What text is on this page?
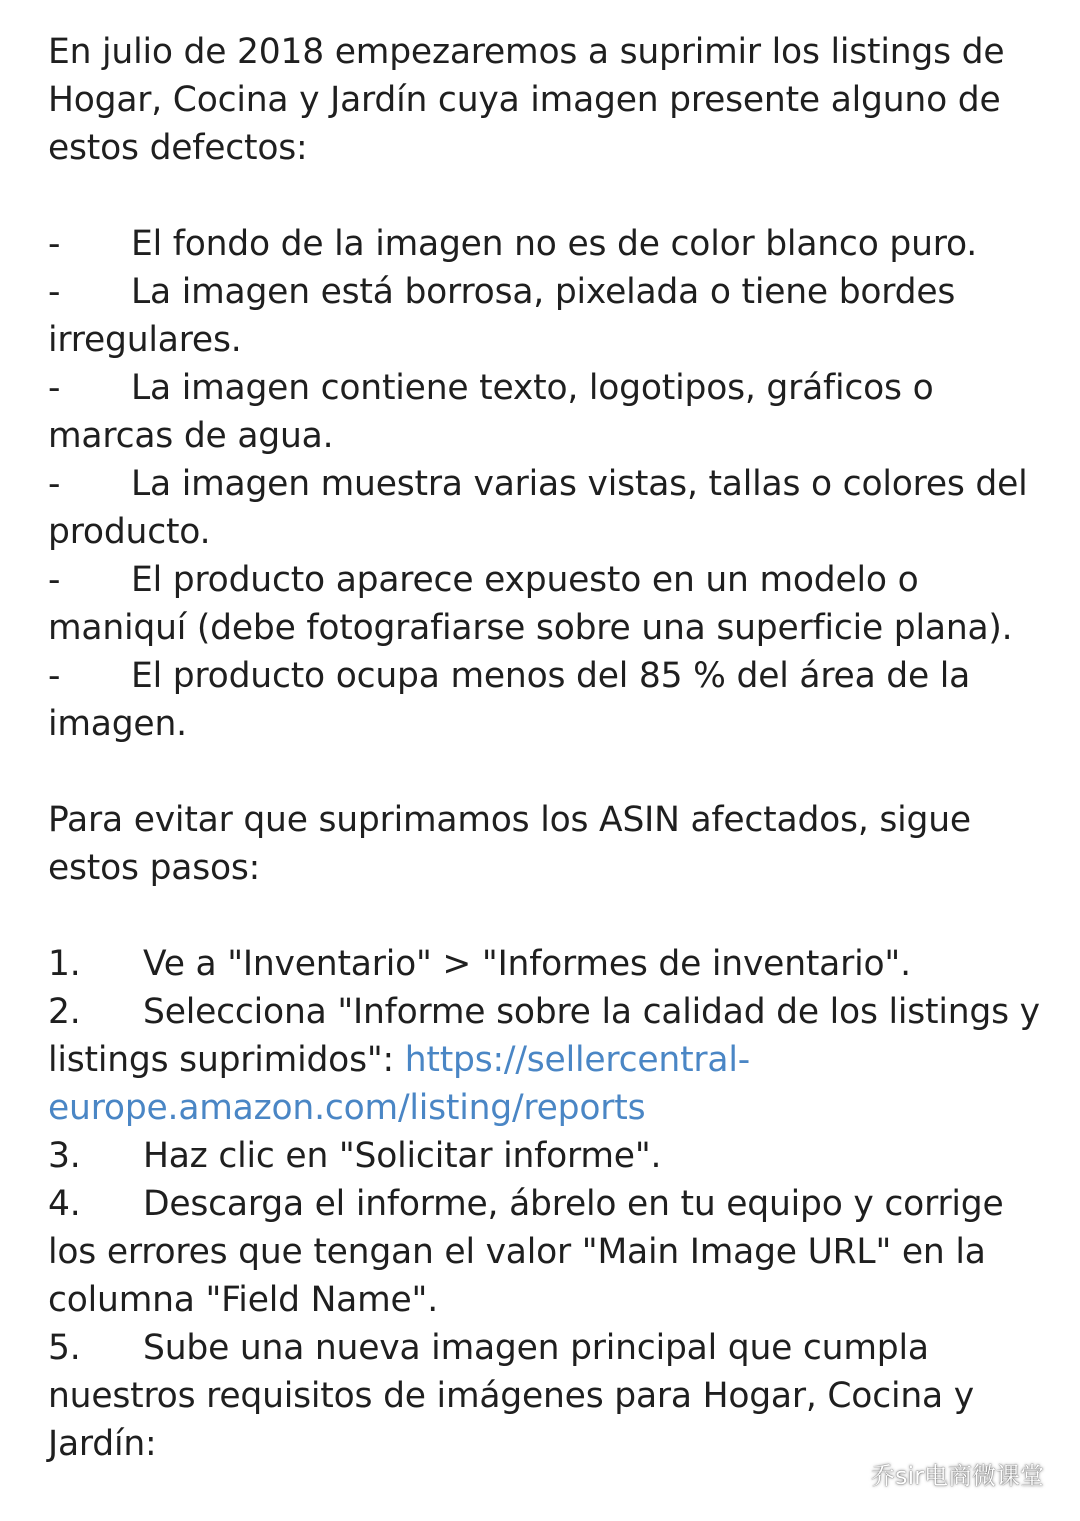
En julio de 2018 empezaremos a suprimir los listings de Hogar, Cocina y Jardín cuya imagen presente alguno de estos defectos:

- El fondo de la imagen no es de color blanco puro.

- La imagen está borrosa, pixelada o tiene bordes irregulares.

- La imagen contiene texto, logotipos, gráficos o marcas de agua.

- La imagen muestra varias vistas, tallas o colores del producto.

- El producto aparece expuesto en un modelo o maniquí (debe fotografiarse sobre una superficie plana).

- El producto ocupa menos del 85 % del área de la imagen.

Para evitar que suprimamos los ASIN afectados, sigue estos pasos:

1. Ve a "Inventario" > "Informes de inventario".

2. Selecciona "Informe sobre la calidad de los listings y listings suprimidos": https://sellercentral-europe.amazon.com/listing/reports

3. Haz clic en "Solicitar informe".

4. Descarga el informe, ábrelo en tu equipo y corrige los errores que tengan el valor "Main Image URL" en la columna "Field Name".

5. Sube una nueva imagen principal que cumpla nuestros requisitos de imágenes para Hogar, Cocina y Jardín:

乔sir电商微课堂
